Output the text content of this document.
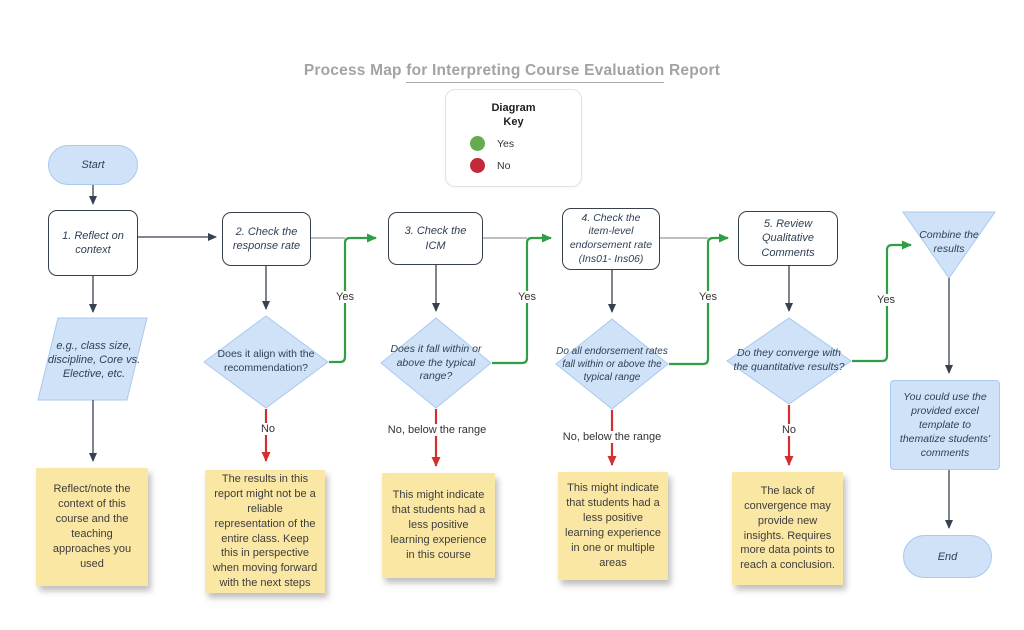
Process Map for Interpreting Course Evaluation Report
Diagram
Key
Yes
No
Start
End
1. Reflect on context
2. Check the response rate
3. Check the ICM
4. Check the item-level endorsement rate (Ins01- Ins06)
5. Review Qualitative Comments
e.g., class size, discipline, Core vs. Elective, etc.
Does it align with the recommendation?
Does it fall within or above the typical range?
Do all endorsement rates fall within or above the typical range
Do they converge with the quantitative results?
Combine the results
Reflect/note the context of this course and the teaching approaches you used
The results in this report might not be a reliable representation of the entire class. Keep this in perspective when moving forward with the next steps
This might indicate that students had a less positive learning experience in this course
This might indicate that students had a less positive learning experience in one or multiple areas
The lack of convergence may provide new insights. Requires more data points to reach a conclusion.
You could use the provided excel template to thematize students' comments
Yes	Yes	Yes	Yes
No	No, below the range
No, below the range
No
